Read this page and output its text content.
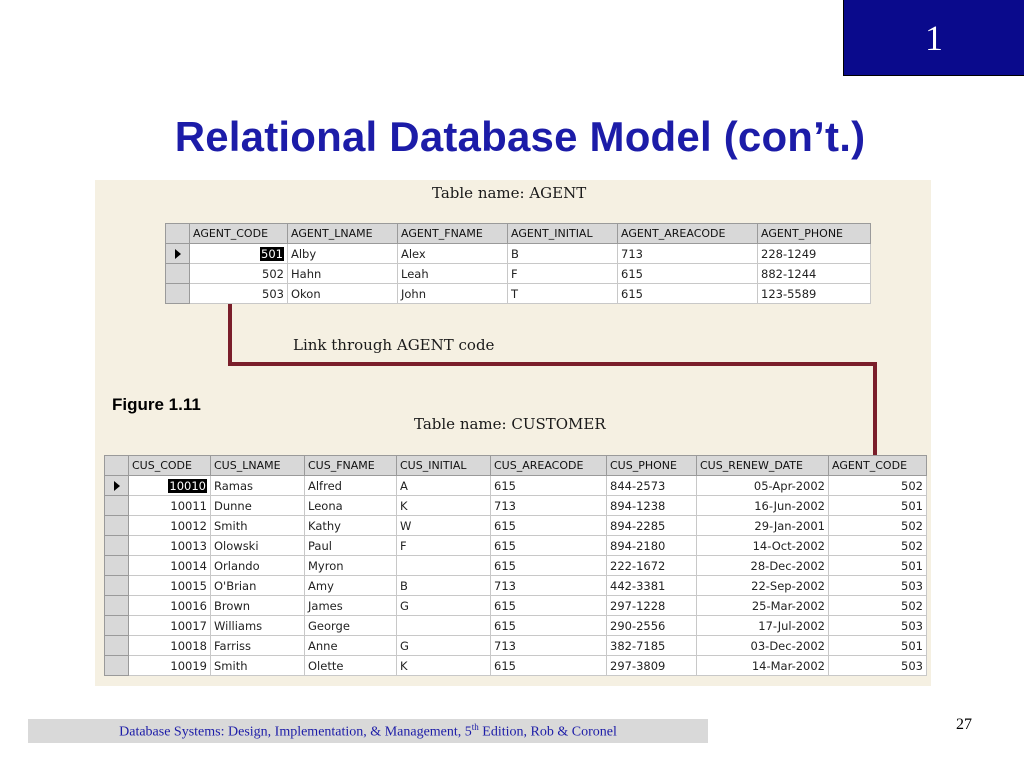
1
Relational Database Model (con’t.)
Table name: AGENT
	AGENT_CODE	AGENT_LNAME	AGENT_FNAME	AGENT_INITIAL	AGENT_AREACODE	AGENT_PHONE
	501	Alby	Alex	B	713	228-1249
	502	Hahn	Leah	F	615	882-1244
	503	Okon	John	T	615	123-5589
Link through AGENT code
Figure 1.11
Table name: CUSTOMER
	CUS_CODE	CUS_LNAME	CUS_FNAME	CUS_INITIAL	CUS_AREACODE	CUS_PHONE	CUS_RENEW_DATE	AGENT_CODE
	10010	Ramas	Alfred	A	615	844-2573	05-Apr-2002	502
	10011	Dunne	Leona	K	713	894-1238	16-Jun-2002	501
	10012	Smith	Kathy	W	615	894-2285	29-Jan-2001	502
	10013	Olowski	Paul	F	615	894-2180	14-Oct-2002	502
	10014	Orlando	Myron		615	222-1672	28-Dec-2002	501
	10015	O'Brian	Amy	B	713	442-3381	22-Sep-2002	503
	10016	Brown	James	G	615	297-1228	25-Mar-2002	502
	10017	Williams	George		615	290-2556	17-Jul-2002	503
	10018	Farriss	Anne	G	713	382-7185	03-Dec-2002	501
	10019	Smith	Olette	K	615	297-3809	14-Mar-2002	503
Database Systems: Design, Implementation, & Management, 5th Edition, Rob & Coronel	27
